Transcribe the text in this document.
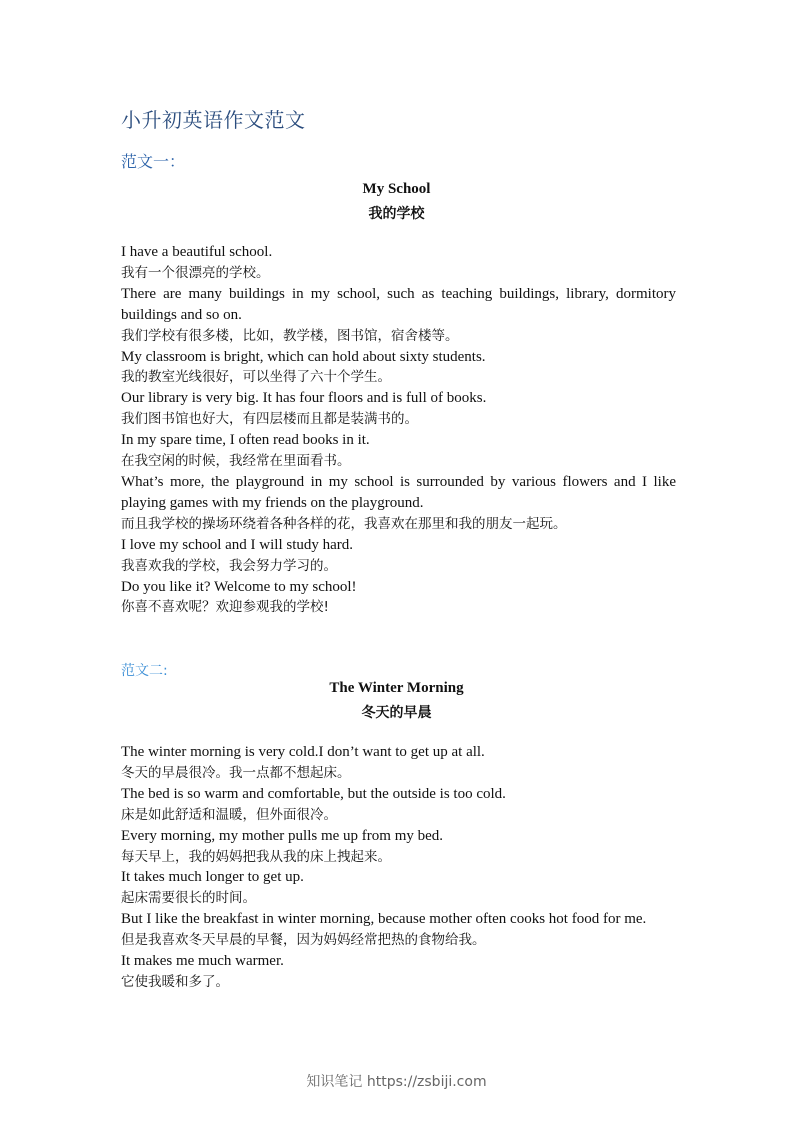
小升初英语作文范文
范文一：
My School
我的学校
I have a beautiful school.
我有一个很漂亮的学校。
There are many buildings in my school, such as teaching buildings, library, dormitory buildings and so on.
我们学校有很多楼，比如，教学楼，图书馆，宿舍楼等。
My classroom is bright, which can hold about sixty students.
我的教室光线很好，可以坐得了六十个学生。
Our library is very big. It has four floors and is full of books.
我们图书馆也好大，有四层楼而且都是装满书的。
In my spare time, I often read books in it.
在我空闲的时候，我经常在里面看书。
What’s more, the playground in my school is surrounded by various flowers and I like playing games with my friends on the playground.
而且我学校的操场环绕着各种各样的花，我喜欢在那里和我的朋友一起玩。
I love my school and I will study hard.
我喜欢我的学校，我会努力学习的。
Do you like it? Welcome to my school!
你喜不喜欢呢？欢迎参观我的学校!
范文二:
The Winter Morning
冬天的早晨
The winter morning is very cold.I don’t want to get up at all.
冬天的早晨很冷。我一点都不想起床。
The bed is so warm and comfortable, but the outside is too cold.
床是如此舒适和温暖，但外面很冷。
Every morning, my mother pulls me up from my bed.
每天早上，我的妈妈把我从我的床上拽起来。
It takes much longer to get up.
起床需要很长的时间。
But I like the breakfast in winter morning, because mother often cooks hot food for me.
但是我喜欢冬天早晨的早餐，因为妈妈经常把热的食物给我。
It makes me much warmer.
它使我暖和多了。
知识笔记 https://zsbiji.com
